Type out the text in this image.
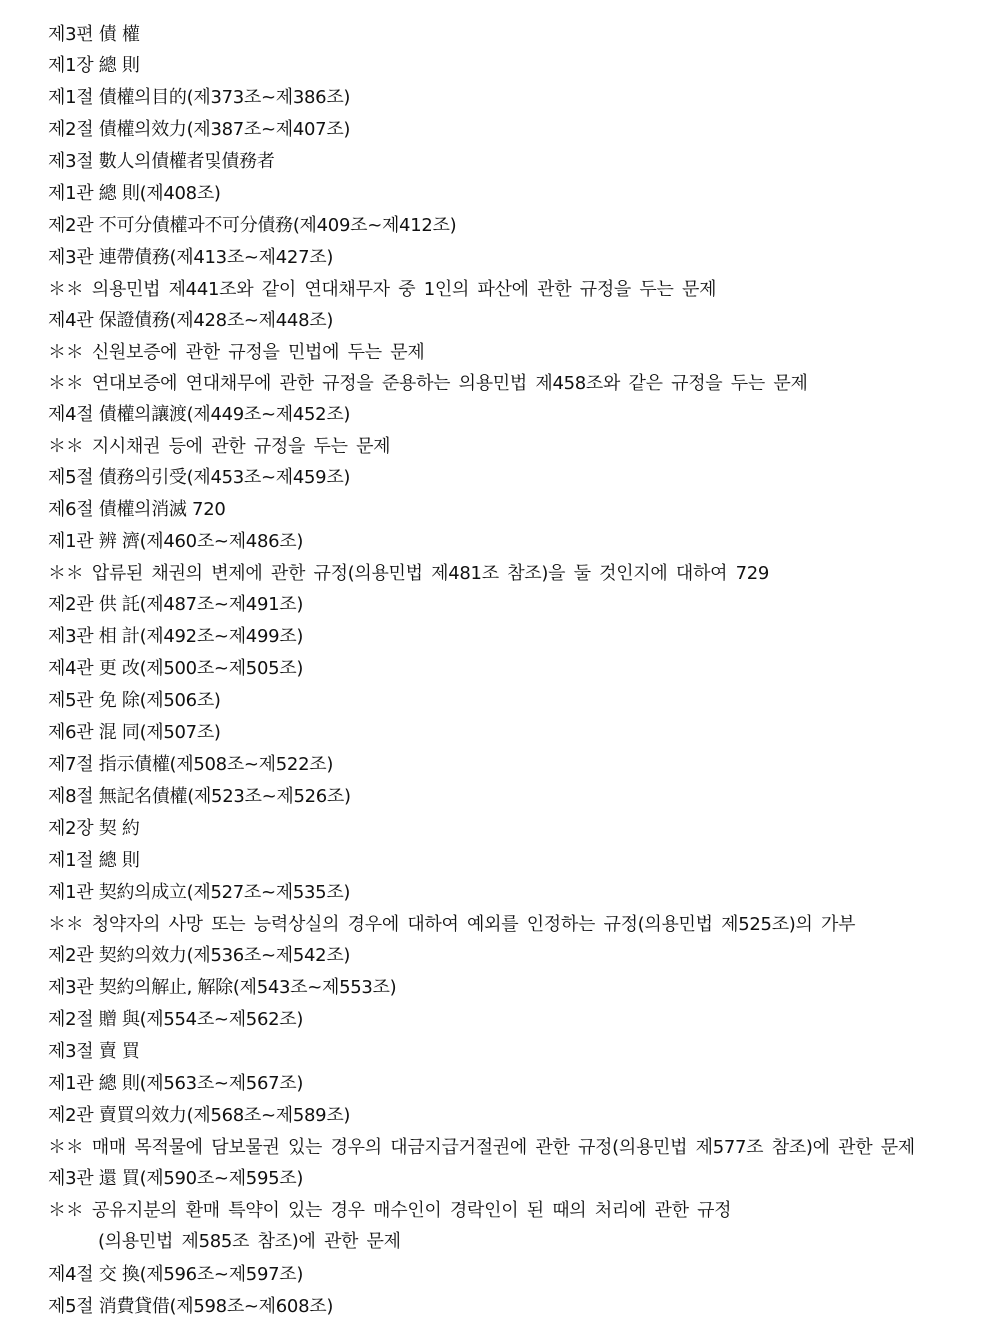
제3편 債 權
제1장 總 則
제1절 債權의目的(제373조~제386조)
제2절 債權의效力(제387조~제407조)
제3절 數人의債權者및債務者
제1관 總 則(제408조)
제2관 不可分債權과不可分債務(제409조~제412조)
제3관 連帶債務(제413조~제427조)
＊＊ 의용민법 제441조와 같이 연대채무자 중 1인의 파산에 관한 규정을 두는 문제
제4관 保證債務(제428조~제448조)
＊＊ 신원보증에 관한 규정을 민법에 두는 문제
＊＊ 연대보증에 연대채무에 관한 규정을 준용하는 의용민법 제458조와 같은 규정을 두는 문제
제4절 債權의讓渡(제449조~제452조)
＊＊ 지시채권 등에 관한 규정을 두는 문제
제5절 債務의引受(제453조~제459조)
제6절 債權의消滅 720
제1관 辨 濟(제460조~제486조)
＊＊ 압류된 채권의 변제에 관한 규정(의용민법 제481조 참조)을 둘 것인지에 대하여 729
제2관 供 託(제487조~제491조)
제3관 相 計(제492조~제499조)
제4관 更 改(제500조~제505조)
제5관 免 除(제506조)
제6관 混 同(제507조)
제7절 指示債權(제508조~제522조)
제8절 無記名債權(제523조~제526조)
제2장 契 約
제1절 總 則
제1관 契約의成立(제527조~제535조)
＊＊ 청약자의 사망 또는 능력상실의 경우에 대하여 예외를 인정하는 규정(의용민법 제525조)의 가부
제2관 契約의效力(제536조~제542조)
제3관 契約의解止, 解除(제543조~제553조)
제2절 贈 與(제554조~제562조)
제3절 賣 買
제1관 總 則(제563조~제567조)
제2관 賣買의效力(제568조~제589조)
＊＊ 매매 목적물에 담보물권 있는 경우의 대금지급거절권에 관한 규정(의용민법 제577조 참조)에 관한 문제
제3관 還 買(제590조~제595조)
＊＊ 공유지분의 환매 특약이 있는 경우 매수인이 경락인이 된 때의 처리에 관한 규정
(의용민법 제585조 참조)에 관한 문제
제4절 交 換(제596조~제597조)
제5절 消費貸借(제598조~제608조)
